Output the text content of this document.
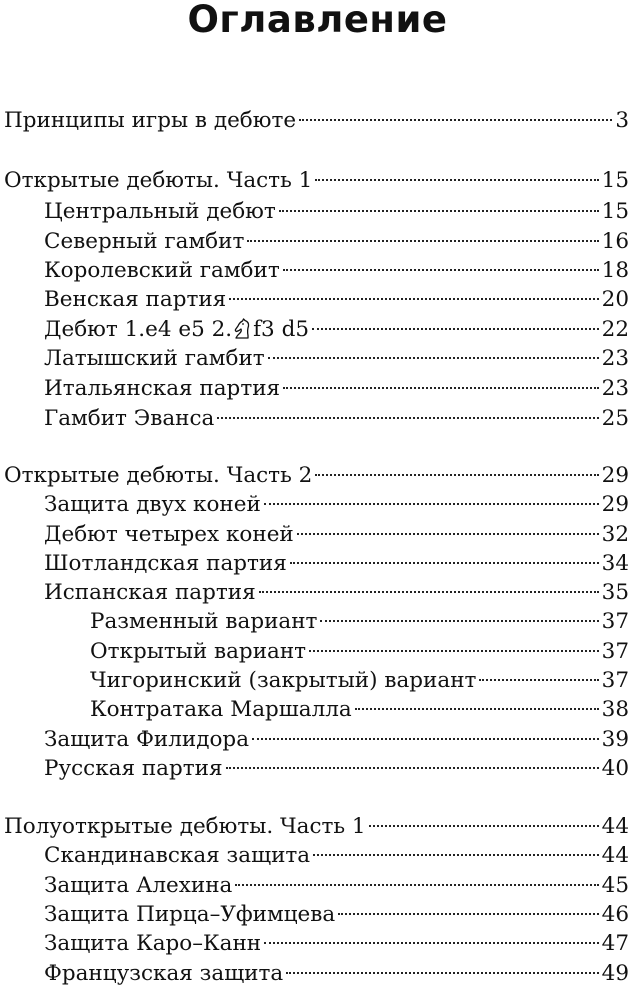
Оглавление
Принципы игры в дебюте	3
Открытые дебюты. Часть 1	15
Центральный дебют	15
Северный гамбит	16
Королевский гамбит	18
Венская партия	20
Дебют 1.e4 e5 2. f3 d5	22
Латышский гамбит	23
Итальянская партия	23
Гамбит Эванса	25
Открытые дебюты. Часть 2	29
Защита двух коней	29
Дебют четырех коней	32
Шотландская партия	34
Испанская партия	35
Разменный вариант	37
Открытый вариант	37
Чигоринский (закрытый) вариант	37
Контратака Маршалла	38
Защита Филидора	39
Русская партия	40
Полуоткрытые дебюты. Часть 1	44
Скандинавская защита	44
Защита Алехина	45
Защита Пирца–Уфимцева	46
Защита Каро–Канн	47
Французская защита	49
